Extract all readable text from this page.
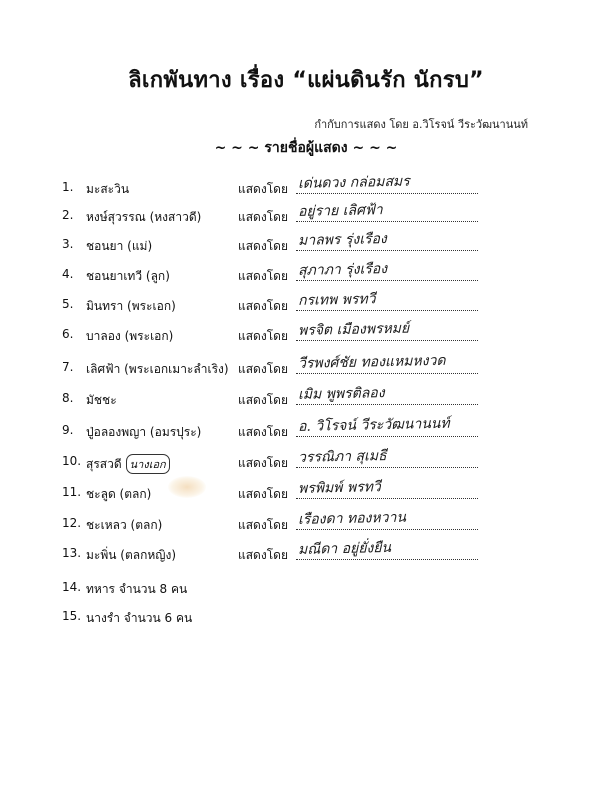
ลิเกพันทาง เรื่อง “แผ่นดินรัก นักรบ”
กำกับการแสดง โดย อ.วิโรจน์ วีระวัฒนานนท์
~ ~ ~ รายชื่อผู้แสดง ~ ~ ~
1. มะสะวิน	แสดงโดย เด่นดวง กล่อมสมร
2. หงษ์สุวรรณ (หงสาวดี)	แสดงโดย อยู่ราย เลิศฟ้า
3. ชอนยา (แม่)	แสดงโดย มาลพร รุ่งเรือง
4. ชอนยาเทวี (ลูก)	แสดงโดย สุภาภา รุ่งเรือง
5. มินทรา (พระเอก)	แสดงโดย กรเทพ พรทวี
6. บาลอง (พระเอก)	แสดงโดย พรจิต เมืองพรหมย์
7. เลิศฟ้า (พระเอกเมาะลำเริง) แสดงโดย วีรพงศ์ชัย ทองแหมหงวด
8. มัชชะ	แสดงโดย เมิม พูพรติลอง
9. ปู่อลองพญา (อมรปุระ)	แสดงโดย อ. วิโรจน์ วีระวัฒนานนท์
10. สุรสวดี นางเอก	แสดงโดย วรรณิภา สุเมธี
11. ชะลูด (ตลก)	แสดงโดย พรพิมพ์ พรทวี
12. ชะเหลว (ตลก)	แสดงโดย เรืองดา ทองหวาน
13. มะพิ่น (ตลกหญิง)	แสดงโดย มณีดา อยู่ยั่งยืน
14. ทหาร จำนวน 8 คน
15. นางรำ จำนวน 6 คน
